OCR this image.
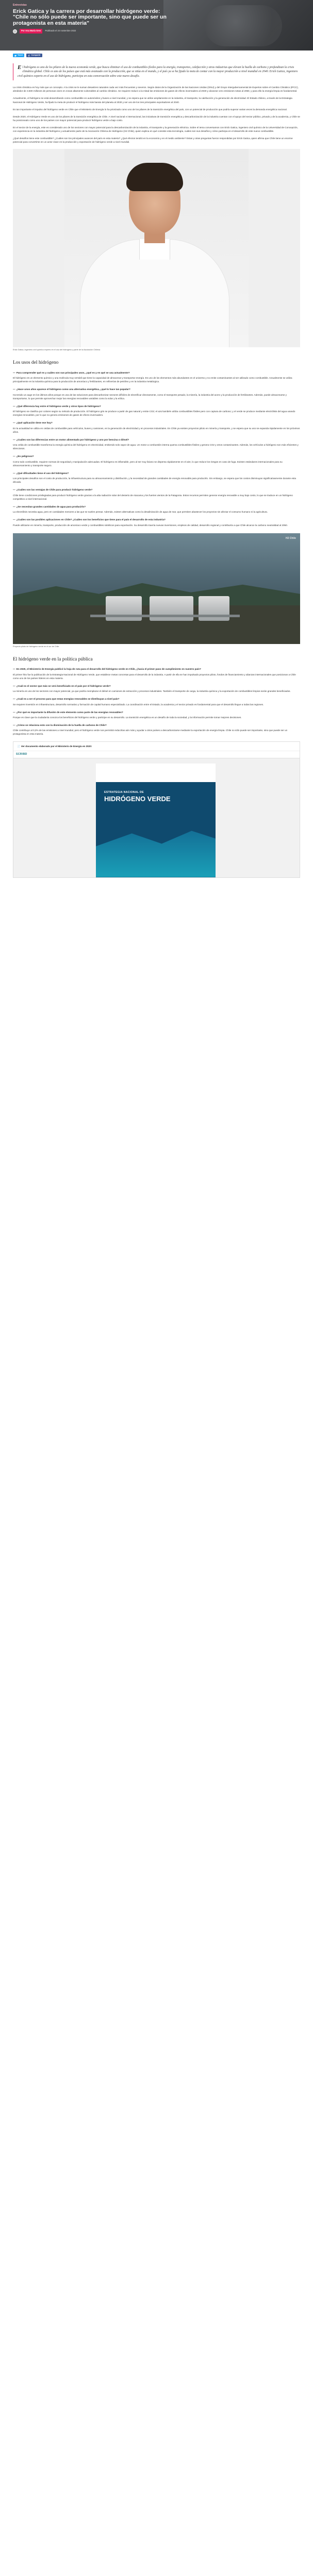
Entrevistas
Erick Gatica y la carrera por desarrollar hidrógeno verde: "Chile no sólo puede ser importante, sino que puede ser un protagonista en esta materia"
Por Ana María Grez	Publicado el 24 noviembre 2022
Tweet	Compartir

El hidrógeno es uno de los pilares de la nueva economía verde, que busca eliminar el uso de combustibles fósiles para la energía, transportes, calefacción y otras industrias que elevan la huella de carbono y profundizan la crisis climática global. Chile es uno de los países que está más avanzado con la producción, que se sitúa en el mundo, y el país ya se ha fijado la meta de contar con la mayor producción a nivel mundial en 2040. Erick Gatica, ingeniero civil químico experto en el uso de hidrógeno, participa en esta conversación sobre este nuevo desafío.

La crisis climática es hoy más que un concepto. A la crisis se le suman desastres naturales cada vez más frecuentes y severos. Según datos de la Organización de las Naciones Unidas (ONU) y del Grupo Intergubernamental de Expertos sobre el Cambio Climático (IPCC), alrededor de 3.600 millones de personas viven en zonas altamente vulnerables al cambio climático. Se requiere reducir a la mitad las emisiones de gases de efecto invernadero al 2030 y alcanzar cero emisiones netas al 2050, y para ello la energía limpia es fundamental.

Actualmente, el hidrógeno se está desarrollando como combustible en automóviles y buses a nivel mundial, y se espera que se utilice ampliamente en la industria, el transporte, la calefacción y la generación de electricidad. El Estado chileno, a través de la Estrategia Nacional de Hidrógeno Verde, ha fijado la meta de producir el hidrógeno más barato del planeta al 2030 y ser uno de los tres principales exportadores al 2040.

Es tan importante el impulso del hidrógeno verde en Chile que el Ministerio de Energía lo ha priorizado como uno de los pilares de la transición energética del país, con un potencial de producción que podría superar varias veces la demanda energética nacional.

Desde 2020, el Hidrógeno Verde es uno de los pilares de la transición energética de Chile. A nivel nacional e internacional, las iniciativas de transición energética y descarbonización de la industria cuentan con el apoyo del sector público, privado y de la academia, y Chile se ha posicionado como uno de los países con mayor potencial para producir hidrógeno verde a bajo costo.

En el sector de la energía, este es considerado uno de los sectores con mayor potencial para la descarbonización de la industria, el transporte y la generación eléctrica. Sobre el tema conversamos con Erick Gatica, ingeniero civil químico de la Universidad de Concepción, con experiencia en la industria del hidrógeno y actualmente parte de la Asociación Chilena de Hidrógeno (H2 Chile), quien explica en qué consiste esta tecnología, cuáles son sus desafíos y cómo participa en el desarrollo de este nuevo combustible.

¿Qué desafíos tiene este combustible? ¿Cuáles son los principales avances del país en esta materia? ¿Qué efectos tendrá en la economía y en el medio ambiente? Estas y otras preguntas fueron respondidas por Erick Gatica, quien afirma que Chile tiene un enorme potencial para convertirse en un actor clave en la producción y exportación de hidrógeno verde a nivel mundial.

Erick Gatica, ingeniero civil químico experto en el uso del hidrógeno y parte de la Asociación Chilena

Los usos del hidrógeno

— Para comprender qué es y cuáles son sus principales usos, ¿qué es y en qué se usa actualmente?

El hidrógeno es un elemento químico y una molécula muy versátil que tiene la capacidad de almacenar y transportar energía. Es uno de los elementos más abundantes en el universo y no emite contaminantes al ser utilizado como combustible. Actualmente se utiliza principalmente en la industria química para la producción de amoníaco y fertilizantes, en refinerías de petróleo y en la industria metalúrgica.

— ¿Hace unos años aparece el hidrógeno como una alternativa energética, ¿qué lo hace tan popular?

Ha tenido un auge en los últimos años porque es una de las soluciones para descarbonizar sectores difíciles de electrificar directamente, como el transporte pesado, la minería, la industria del acero y la producción de fertilizantes. Además, puede almacenarse y transportarse, lo que permite aprovechar mejor las energías renovables variables como la solar y la eólica.

— ¿Qué diferencia hay entre el hidrógeno verde y otros tipos de hidrógeno?

El hidrógeno se clasifica por colores según su método de producción. El hidrógeno gris se produce a partir de gas natural y emite CO2; el azul también utiliza combustibles fósiles pero con captura de carbono; y el verde se produce mediante electrólisis del agua usando energías renovables, por lo que no genera emisiones de gases de efecto invernadero.

— ¿Qué aplicación tiene ese hoy?

En la actualidad se utiliza en celdas de combustible para vehículos, buses y camiones, en la generación de electricidad y en procesos industriales. En Chile ya existen proyectos piloto en minería y transporte, y se espera que su uso se expanda rápidamente en los próximos años.

— ¿Cuáles son las diferencias entre un motor alimentado por hidrógeno y uno por bencina o diésel?

Una celda de combustible transforma la energía química del hidrógeno en electricidad, emitiendo solo vapor de agua. Un motor a combustión interna quema combustibles fósiles y genera CO2 y otros contaminantes. Además, los vehículos a hidrógeno son más eficientes y silenciosos.

— ¿Es peligroso?

Como todo combustible, requiere normas de seguridad y manipulación adecuadas. El hidrógeno es inflamable, pero al ser muy liviano se dispersa rápidamente en el aire, lo que reduce los riesgos en caso de fuga. Existen estándares internacionales para su almacenamiento y transporte seguro.

— ¿Qué dificultades tiene el uso del hidrógeno?

Los principales desafíos son el costo de producción, la infraestructura para su almacenamiento y distribución, y la necesidad de grandes cantidades de energía renovable para producirlo. Sin embargo, se espera que los costos disminuyan significativamente durante esta década.

— ¿Cuáles son las ventajas de Chile para producir hidrógeno verde?

Chile tiene condiciones privilegiadas para producir hidrógeno verde gracias a la alta radiación solar del desierto de Atacama y los fuertes vientos de la Patagonia. Estos recursos permiten generar energía renovable a muy bajo costo, lo que se traduce en un hidrógeno competitivo a nivel internacional.

— ¿Se necesitan grandes cantidades de agua para producirlo?

La electrólisis necesita agua, pero en cantidades menores a las que se suelen pensar. Además, existen alternativas como la desalinización de agua de mar, que permiten abastecer los proyectos sin afectar el consumo humano ni la agricultura.

— ¿Cuáles son las posibles aplicaciones en Chile? ¿Cuáles son los beneficios que tiene para el país el desarrollo de esta industria?

Puede utilizarse en minería, transporte, producción de amoníaco verde y combustibles sintéticos para exportación. Su desarrollo traería nuevas inversiones, empleos de calidad, desarrollo regional y contribuiría a que Chile alcance la carbono neutralidad al 2050.

H2 Chile

Proyecto piloto de hidrógeno verde en el sur de Chile

El hidrógeno verde en la política pública

— En 2020, el Ministerio de Energía publicó la hoja de ruta para el desarrollo del hidrógeno verde en Chile, ¿hacia el primer paso de cumplimiento en nuestro país?

El primer hito fue la publicación de la Estrategia Nacional de Hidrógeno Verde, que establece metas concretas para el desarrollo de la industria. A partir de ella se han impulsado proyectos piloto, fondos de financiamiento y alianzas internacionales que posicionan a Chile como uno de los países líderes en esta materia.

— ¿Cuál es el sector que más se verá beneficiado en el país por el hidrógeno verde?

La minería es uno de los sectores con mayor potencial, ya que podría reemplazar el diésel en camiones de extracción y procesos industriales. También el transporte de carga, la industria química y la exportación de combustibles limpios serán grandes beneficiados.

— ¿Cuál es a ser el proceso para que estas energías renovables se distribuyan a nivel país?

Se requiere inversión en infraestructura, desarrollo normativo y formación de capital humano especializado. La coordinación entre el Estado, la academia y el sector privado es fundamental para que el desarrollo llegue a todas las regiones.

— ¿Por qué es importante la difusión de este elemento como parte de las energías renovables?

Porque es clave que la ciudadanía conozca los beneficios del hidrógeno verde y participe en su desarrollo. La transición energética es un desafío de toda la sociedad, y la información permite tomar mejores decisiones.

— ¿Cómo se relaciona esto con la disminución de la huella de carbono de Chile?

Chile contribuye al 0,3% de las emisiones a nivel mundial, pero el hidrógeno verde nos permitirá reducirlas aún más y ayudar a otros países a descarbonizarse mediante la exportación de energía limpia. Chile no sólo puede ser importante, sino que puede ser un protagonista en esta materia.

📄 Ver documento elaborado por el Ministerio de Energía en 2020:
SCRIBD
ESTRATEGIA NACIONAL DE
HIDRÓGENO VERDE
